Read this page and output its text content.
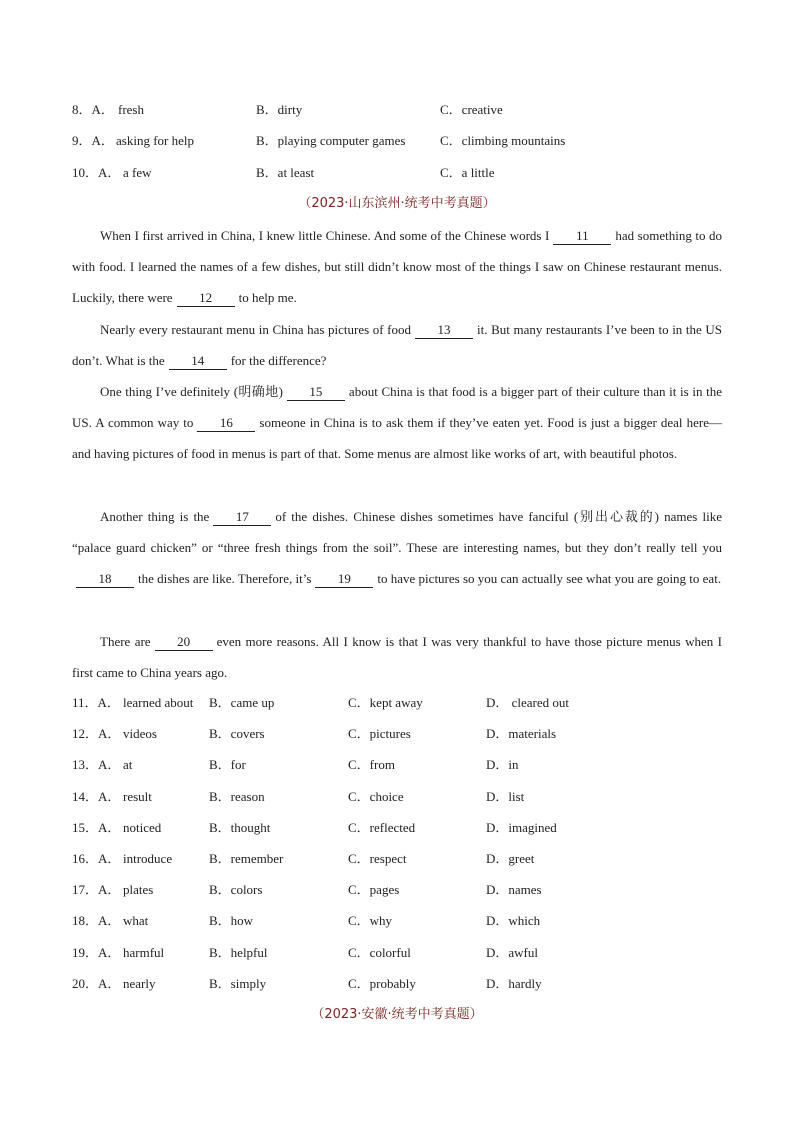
8．A． fresh	B．dirty	C．creative
9．A． asking for help	B．playing computer games	C．climbing mountains
10．A． a few	B．at least	C．a little
（2023·山东滨州·统考中考真题）

When I first arrived in China, I knew little Chinese. And some of the Chinese words I 11 had something to do with food. I learned the names of a few dishes, but still didn’t know most of the things I saw on Chinese restaurant menus. Luckily, there were 12 to help me.

Nearly every restaurant menu in China has pictures of food 13 it. But many restaurants I’ve been to in the US don’t. What is the 14 for the difference?

One thing I’ve definitely (明确地) 15 about China is that food is a bigger part of their culture than it is in the US. A common way to 16 someone in China is to ask them if they’ve eaten yet. Food is just a bigger deal here—and having pictures of food in menus is part of that. Some menus are almost like works of art, with beautiful photos.

Another thing is the 17 of the dishes. Chinese dishes sometimes have fanciful (别出心裁的) names like “palace guard chicken” or “three fresh things from the soil”. These are interesting names, but they don’t really tell you18 the dishes are like. Therefore, it’s 19 to have pictures so you can actually see what you are going to eat.

There are 20 even more reasons. All I know is that I was very thankful to have those picture menus when I first came to China years ago.

11．A． learned about B．came up	C．kept away	D． cleared out
12．A． videos	B．covers	C．pictures	D．materials
13．A． at	B．for	C．from	D．in
14．A． result	B．reason	C．choice	D．list
15．A． noticed	B．thought	C．reflected	D．imagined
16．A． introduce	B．remember	C．respect	D．greet
17．A． plates	B．colors	C．pages	D．names
18．A． what	B．how	C．why	D．which
19．A． harmful	B．helpful	C．colorful	D．awful
20．A． nearly	B．simply	C．probably	D．hardly
（2023·安徽·统考中考真题）
